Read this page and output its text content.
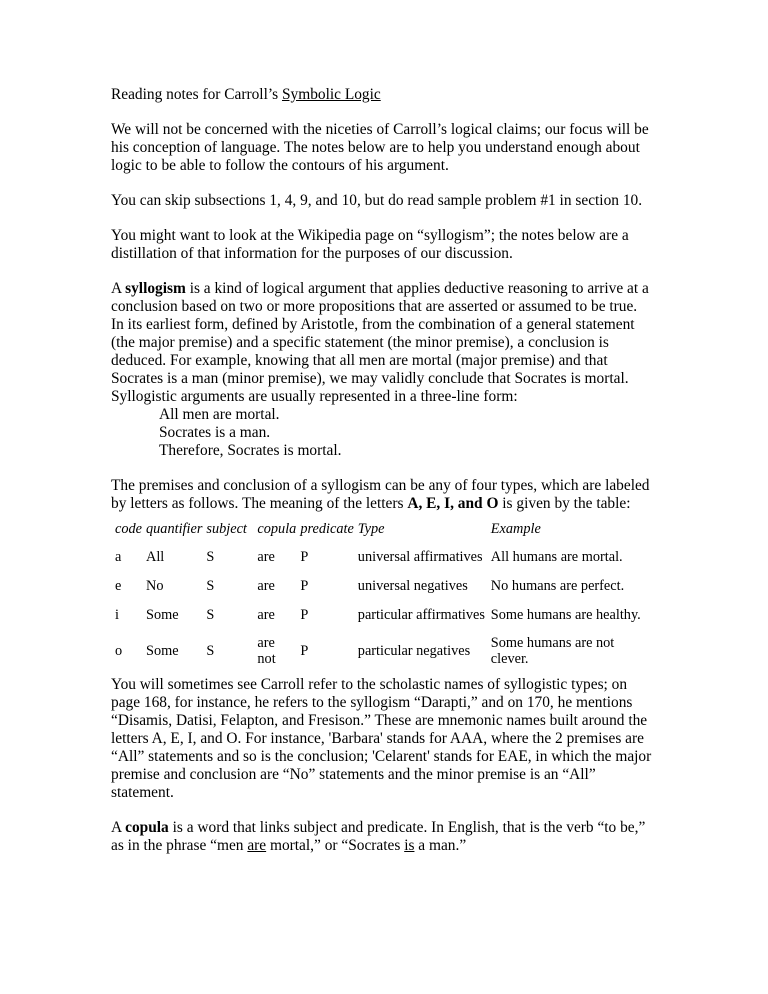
Reading notes for Carroll’s Symbolic Logic

We will not be concerned with the niceties of Carroll’s logical claims; our focus will be his conception of language. The notes below are to help you understand enough about logic to be able to follow the contours of his argument.

You can skip subsections 1, 4, 9, and 10, but do read sample problem #1 in section 10.

You might want to look at the Wikipedia page on “syllogism”; the notes below are a distillation of that information for the purposes of our discussion.

A syllogism is a kind of logical argument that applies deductive reasoning to arrive at a conclusion based on two or more propositions that are asserted or assumed to be true.
In its earliest form, defined by Aristotle, from the combination of a general statement (the major premise) and a specific statement (the minor premise), a conclusion is deduced. For example, knowing that all men are mortal (major premise) and that Socrates is a man (minor premise), we may validly conclude that Socrates is mortal. Syllogistic arguments are usually represented in a three-line form:

All men are mortal.
Socrates is a man.
Therefore, Socrates is mortal.

The premises and conclusion of a syllogism can be any of four types, which are labeled by letters as follows. The meaning of the letters A, E, I, and O is given by the table:

code	quantifier	subject	copula	predicate	Type	Example
a	All	S	are	P	universal affirmatives	All humans are mortal.
e	No	S	are	P	universal negatives	No humans are perfect.
i	Some	S	are	P	particular affirmatives	Some humans are healthy.
o	Some	S	are not	P	particular negatives	Some humans are not clever.

You will sometimes see Carroll refer to the scholastic names of syllogistic types; on page 168, for instance, he refers to the syllogism “Darapti,” and on 170, he mentions “Disamis, Datisi, Felapton, and Fresison.” These are mnemonic names built around the letters A, E, I, and O. For instance, 'Barbara' stands for AAA, where the 2 premises are “All” statements and so is the conclusion; 'Celarent' stands for EAE, in which the major premise and conclusion are “No” statements and the minor premise is an “All” statement.

A copula is a word that links subject and predicate. In English, that is the verb “to be,” as in the phrase “men are mortal,” or “Socrates is a man.”
